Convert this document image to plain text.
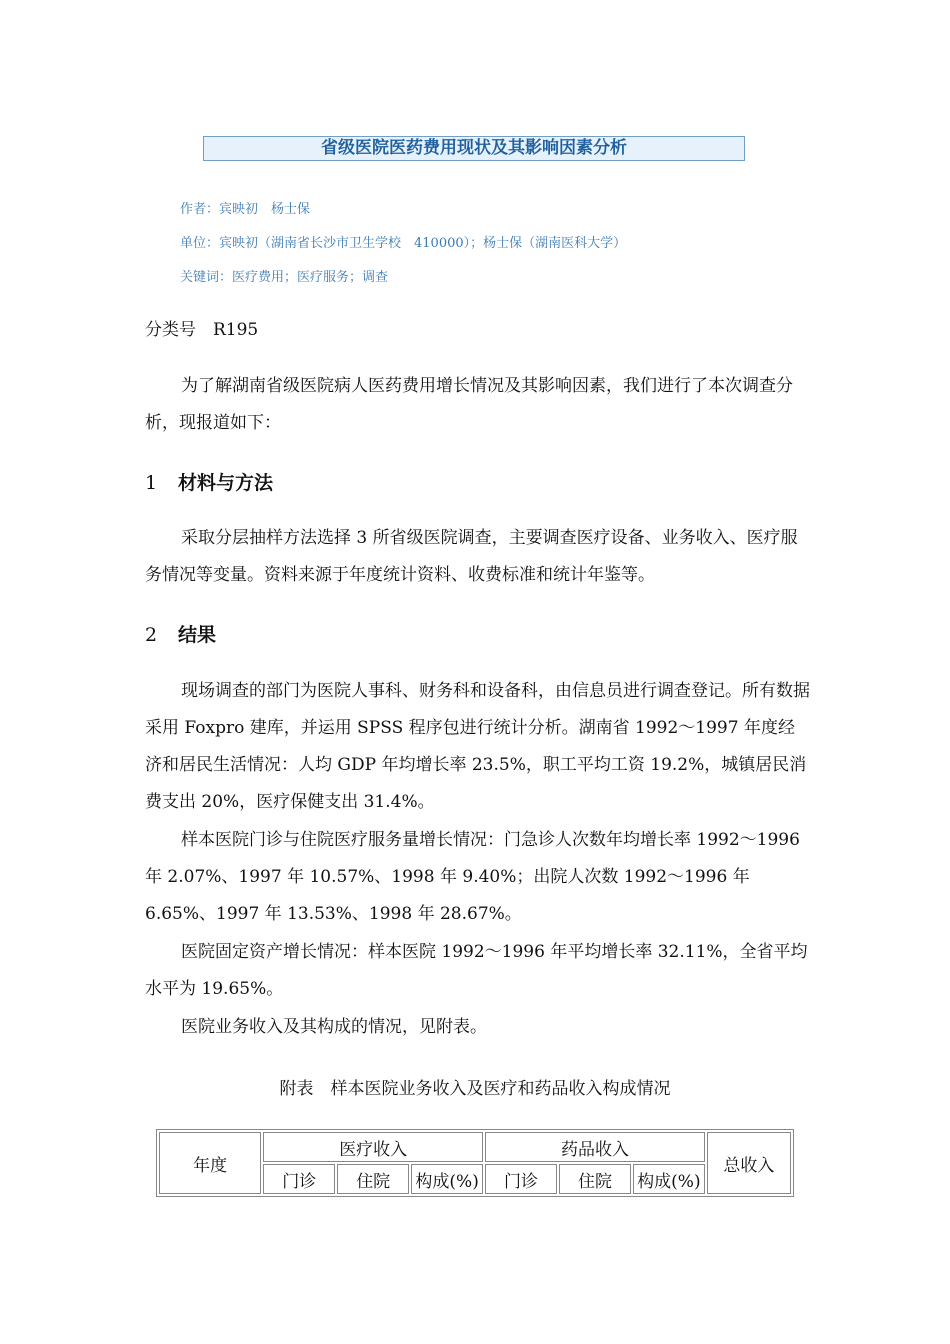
省级医院医药费用现状及其影响因素分析
作者：宾映初　杨士保
单位：宾映初（湖南省长沙市卫生学校　410000）；杨士保（湖南医科大学）
关键词：医疗费用；医疗服务；调查

分类号　R195

为了解湖南省级医院病人医药费用增长情况及其影响因素，我们进行了本次调查分析，现报道如下：

1 材料与方法

采取分层抽样方法选择 3 所省级医院调查，主要调查医疗设备、业务收入、医疗服务情况等变量。资料来源于年度统计资料、收费标准和统计年鉴等。

2 结果

现场调查的部门为医院人事科、财务科和设备科，由信息员进行调查登记。所有数据采用 Foxpro 建库，并运用 SPSS 程序包进行统计分析。湖南省 1992～1997 年度经济和居民生活情况：人均 GDP 年均增长率 23.5%，职工平均工资 19.2%，城镇居民消费支出 20%，医疗保健支出 31.4%。

样本医院门诊与住院医疗服务量增长情况：门急诊人次数年均增长率 1992～1996 年 2.07%、1997 年 10.57%、1998 年 9.40%；出院人次数 1992～1996 年 6.65%、1997 年 13.53%、1998 年 28.67%。

医院固定资产增长情况：样本医院 1992～1996 年平均增长率 32.11%，全省平均水平为 19.65%。

医院业务收入及其构成的情况，见附表。

附表　样本医院业务收入及医疗和药品收入构成情况
年度	医疗收入			药品收入			总收入
	门诊	住院	构成(%)	门诊	住院	构成(%)	
